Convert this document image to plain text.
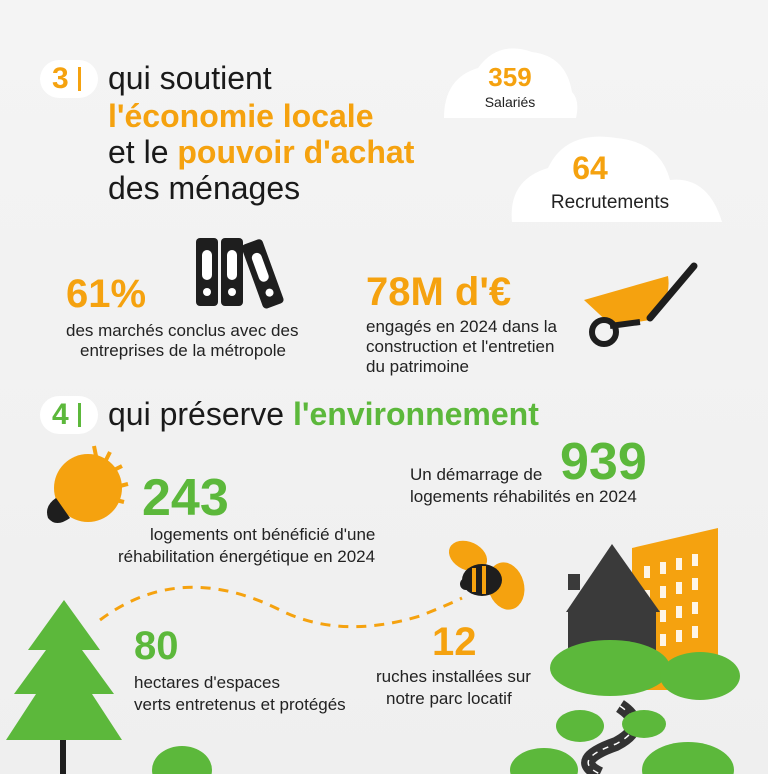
3 qui soutient
l'économie locale
et le pouvoir d'achat
des ménages
359
Salariés
64
Recrutements
61%
des marchés conclus avec des
entreprises de la métropole
78M d'€
engagés en 2024 dans la
construction et l'entretien
du patrimoine
4 qui préserve l'environnement
243
logements ont bénéficié d'une
réhabilitation énergétique en 2024
Un démarrage de 939
logements réhabilités en 2024
80
hectares d'espaces
verts entretenus et protégés
12
ruches installées sur
notre parc locatif
